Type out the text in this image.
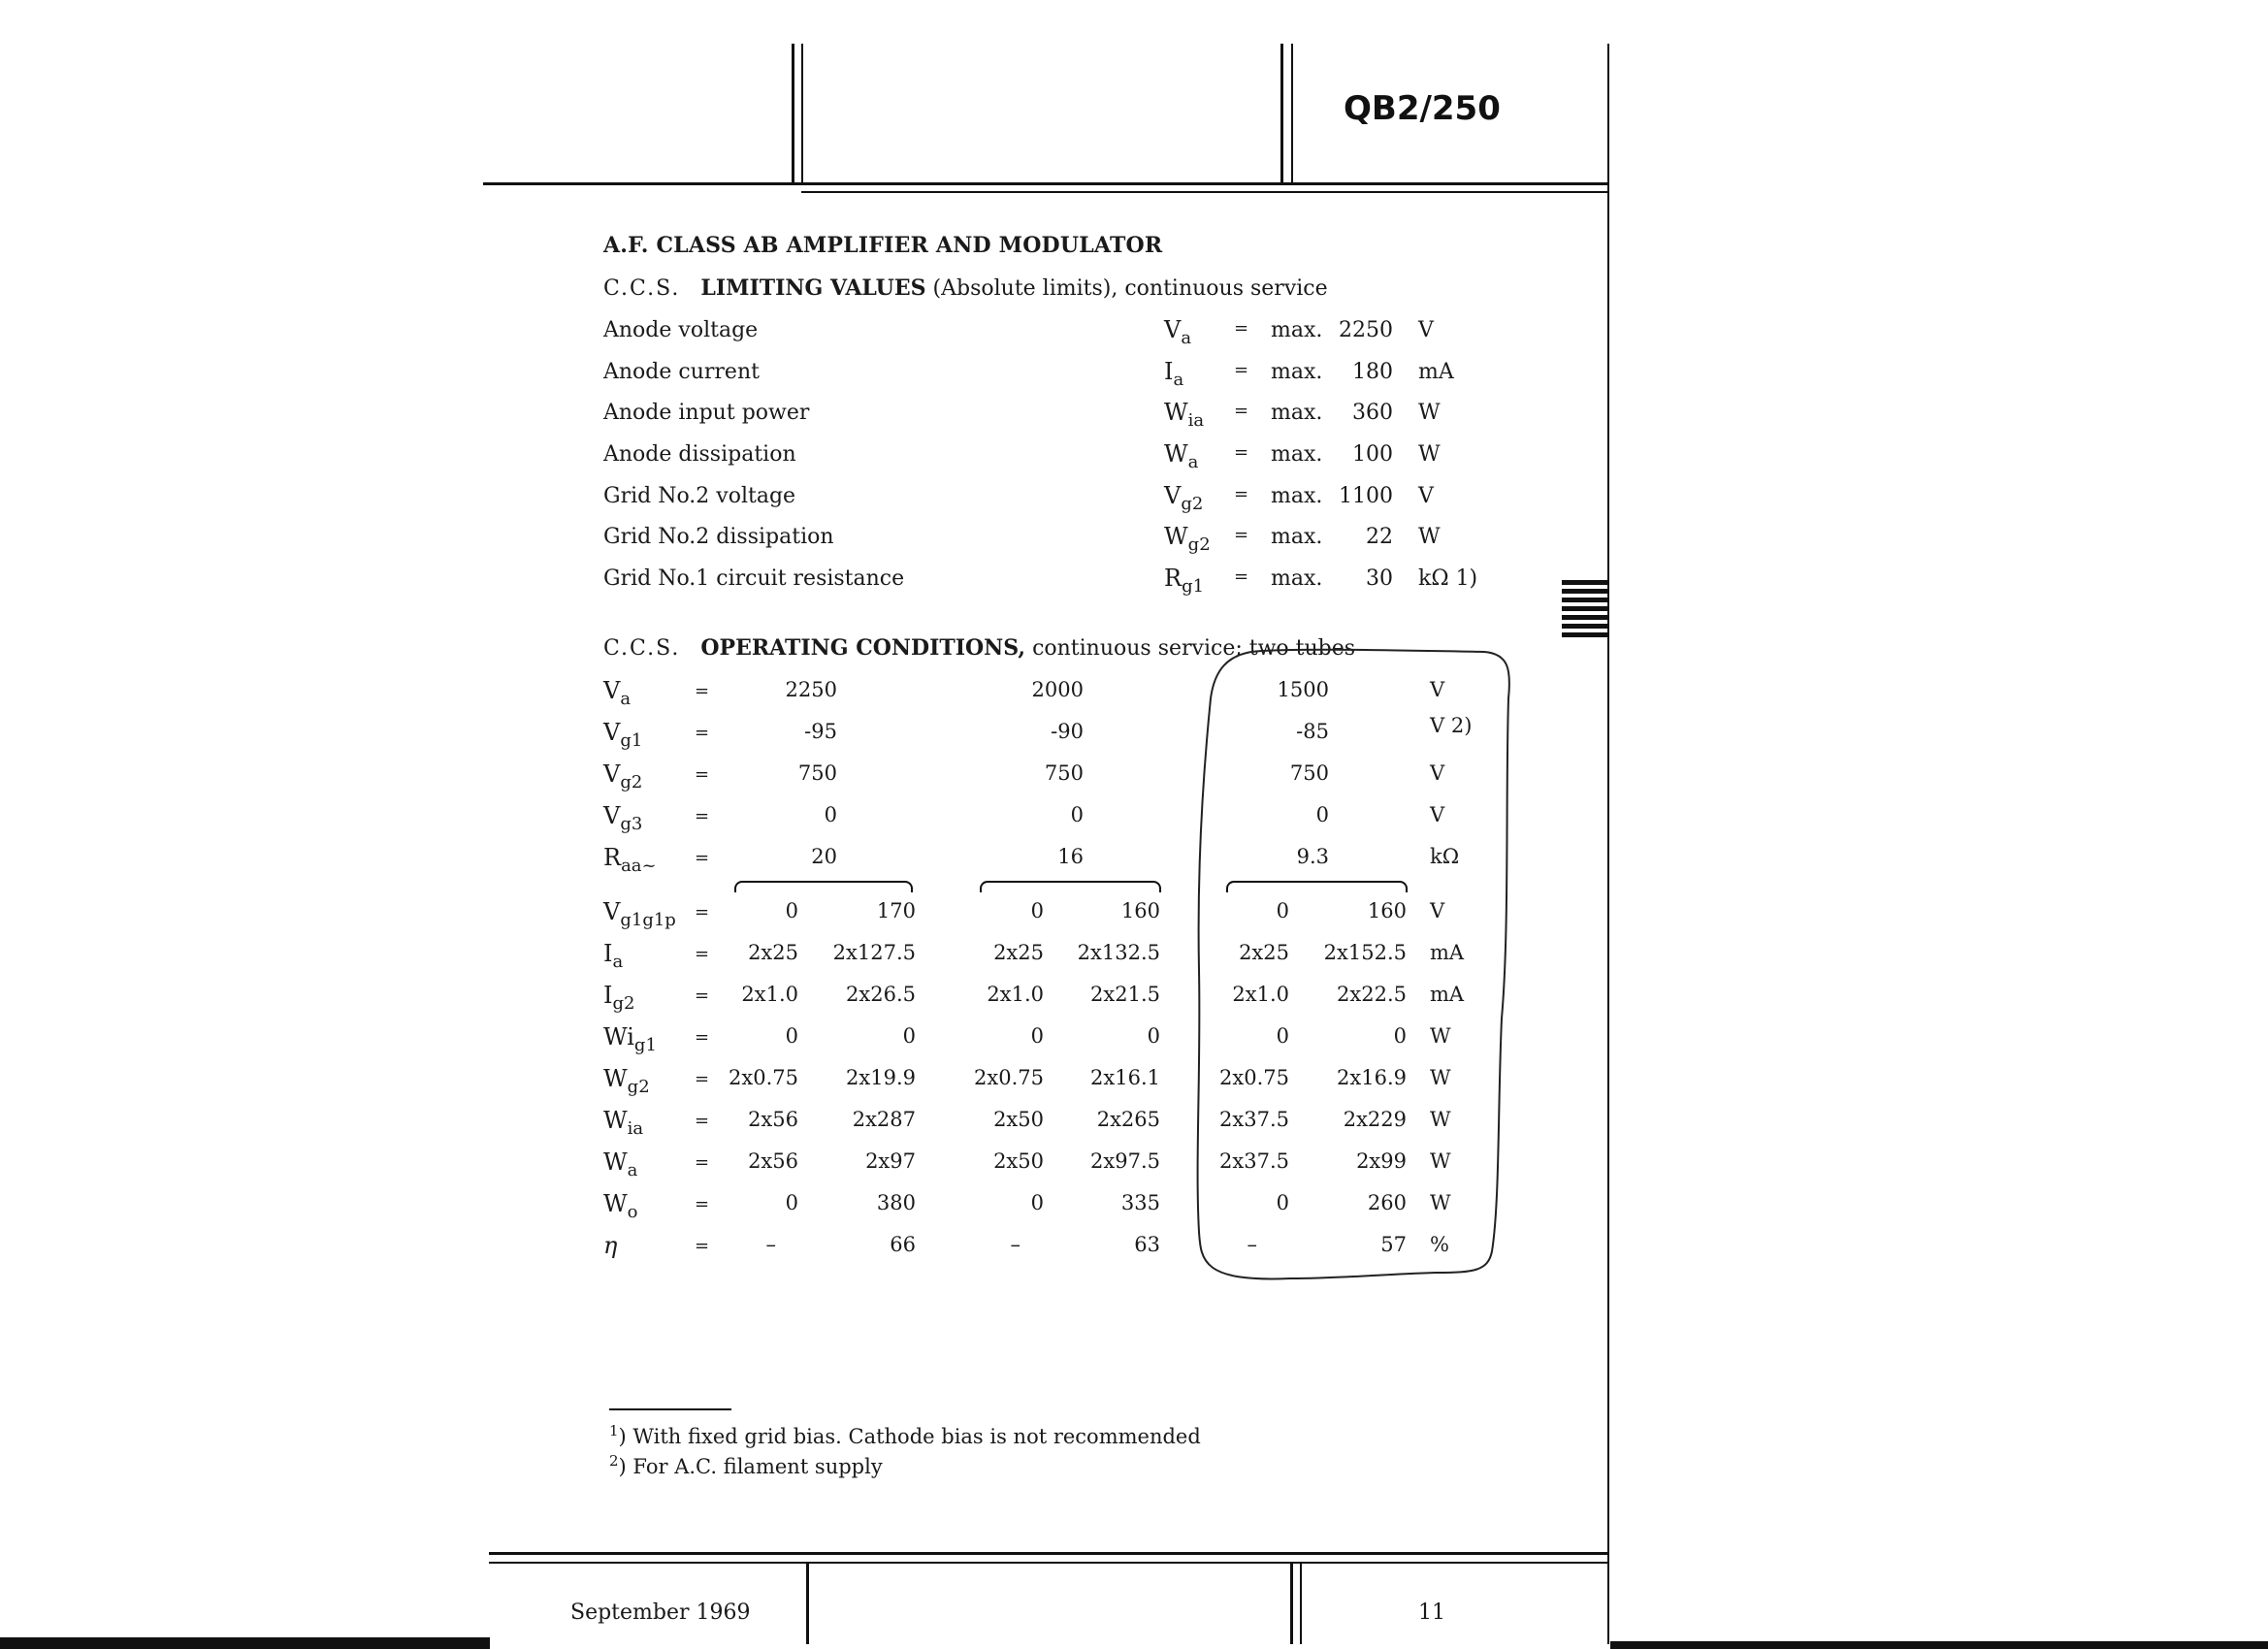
QB2/250
A.F. CLASS AB AMPLIFIER AND MODULATOR
C.C.S. LIMITING VALUES (Absolute limits), continuous service
Anode voltage	$V_a = \max$. 2250 V
Anode current	$I_a$	= max.	180 mA
Anode input power	$W_{ia} = \max$.	360 W
Anode dissipation	$W_a = \max$.	100 W
Grid No.2 voltage	$V_{g2} = \max$. 1100 V
Grid No.2 dissipation	$W_{g2} = \max$.	22 W
Grid No.1 circuit resistance	$R_{g1} = \max$.	30 kΩ 1)
C.C.S. OPERATING CONDITIONS, continuous service; two tubes
$V_a$	=	2250	2000	1500	V
$V_{g1}$	=	-95	-90	-85	V 2)
$V_{g2}$	=	750	750	750	V
$V_{g3}$	=	0	0	0	V
$R_{aa\sim}$ =	20	16	9.3	kΩ
$V_{g1g1p}$ =	0	170	0	160	0	160 V
$I_a$	=	2x25	2x127.5	2x25	2x132.5	2x25	2x152.5 mA
$I_{g2}$	=	2x1.0	2x26.5	2x1.0	2x21.5	2x1.0	2x22.5 mA
$Wi_{g1}$ =	0	0	0	0	0	0 W
$W_{g2}$	= 2x0.75	2x19.9	2x0.75	2x16.1	2x0.75	2x16.9 W
$W_{ia}$	=	2x56	2x287	2x50	2x265	2x37.5	2x229 W
$W_a$	=	2x56	2x97	2x50	2x97.5	2x37.5	2x99 W
$W_o$	=	0	380	0	335	0	260 W
η	=	–	66	–	63	–	57 %
$^1$) With fixed grid bias. Cathode bias is not recommended
$^2$) For A.C. filament supply
September 1969	11
